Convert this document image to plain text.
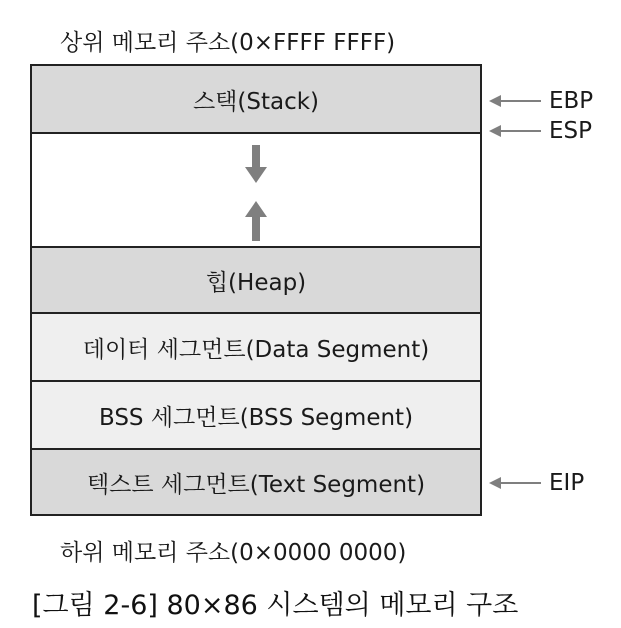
상위 메모리 주소(0×FFFF FFFF)
스택(Stack)
힙(Heap)
데이터 세그먼트(Data Segment)
BSS 세그먼트(BSS Segment)
텍스트 세그먼트(Text Segment)
EBP
ESP
EIP
하위 메모리 주소(0×0000 0000)
[그림 2-6] 80×86 시스템의 메모리 구조
